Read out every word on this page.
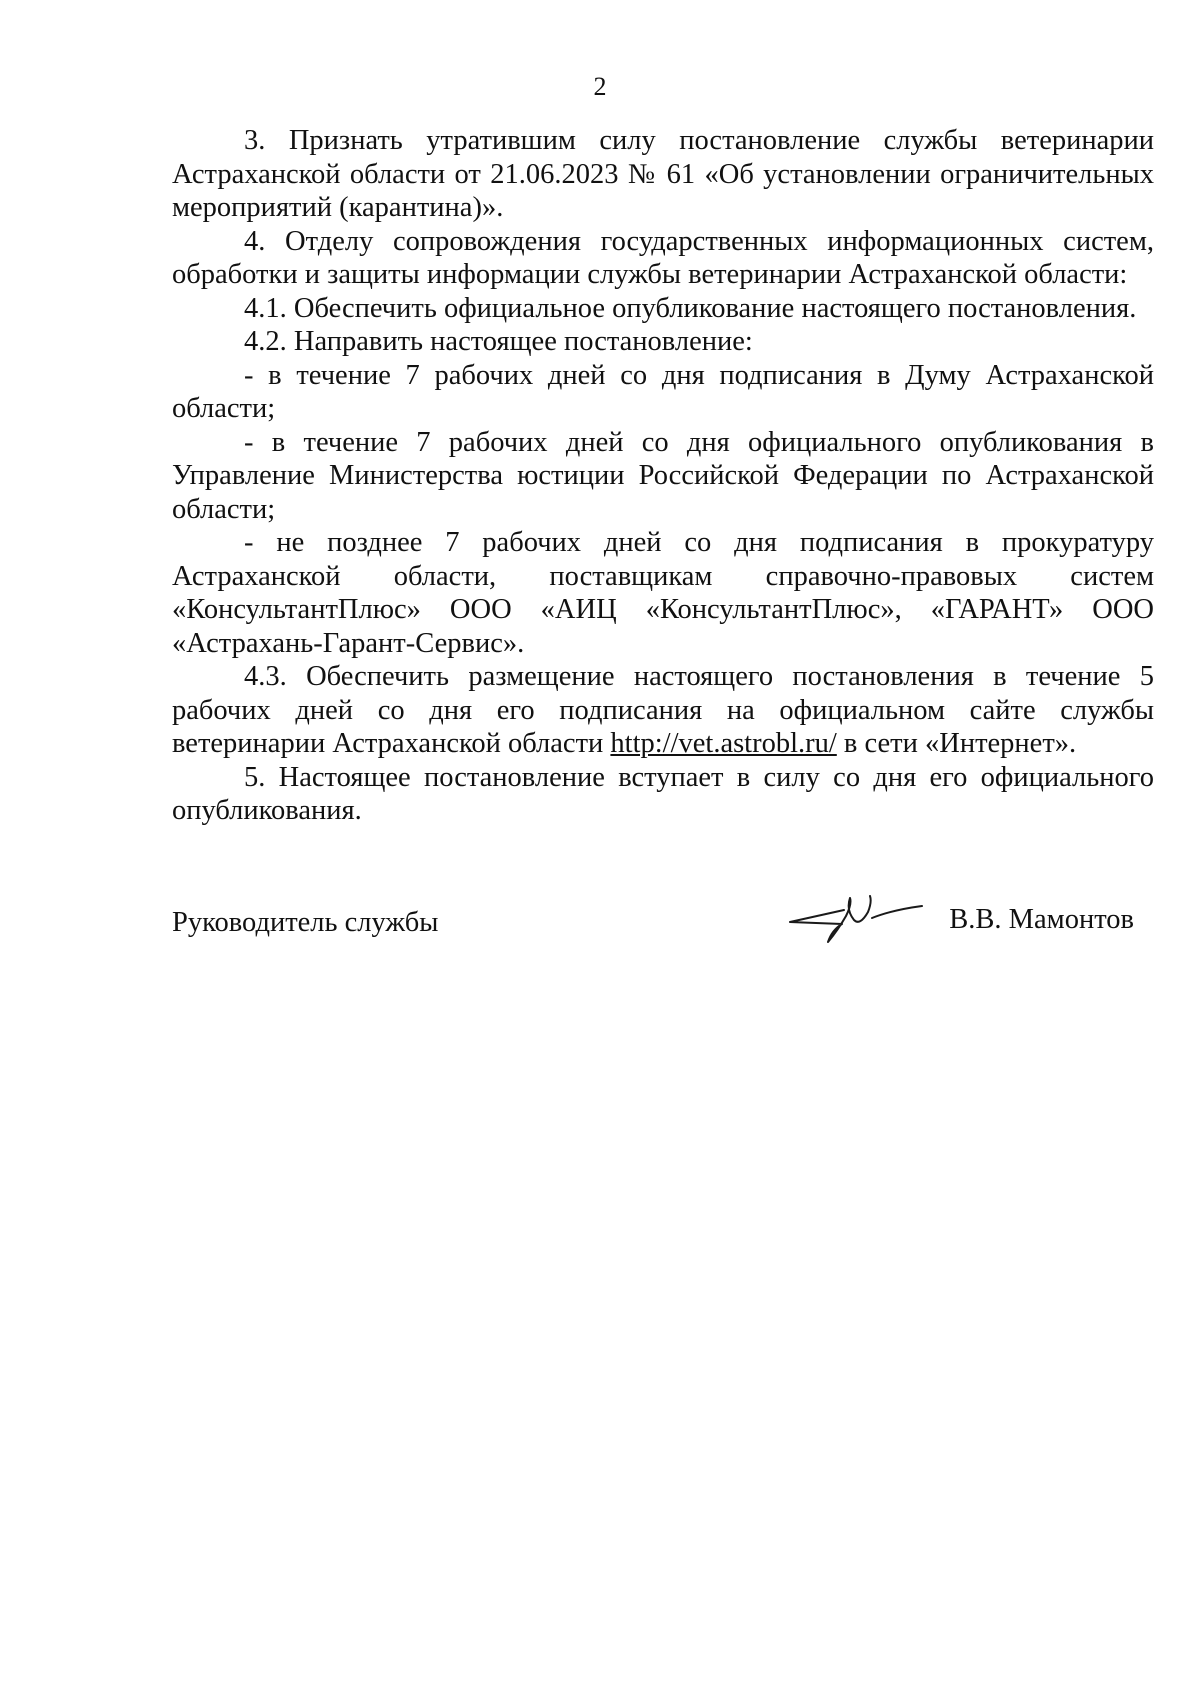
2

3. Признать утратившим силу постановление службы ветеринарии Астраханской области от 21.06.2023 № 61 «Об установлении ограничительных мероприятий (карантина)».

4. Отделу сопровождения государственных информационных систем, обработки и защиты информации службы ветеринарии Астраханской области:

4.1. Обеспечить официальное опубликование настоящего постановления.

4.2. Направить настоящее постановление:

- в течение 7 рабочих дней со дня подписания в Думу Астраханской области;

- в течение 7 рабочих дней со дня официального опубликования в Управление Министерства юстиции Российской Федерации по Астраханской области;

- не позднее 7 рабочих дней со дня подписания в прокуратуру Астраханской области, поставщикам справочно-правовых систем «КонсультантПлюс» ООО «АИЦ «КонсультантПлюс», «ГАРАНТ» ООО «Астрахань-Гарант-Сервис».

4.3. Обеспечить размещение настоящего постановления в течение 5 рабочих дней со дня его подписания на официальном сайте службы ветеринарии Астраханской области http://vet.astrobl.ru/ в сети «Интернет».

5. Настоящее постановление вступает в силу со дня его официального опубликования.

Руководитель службы	В.В. Мамонтов
